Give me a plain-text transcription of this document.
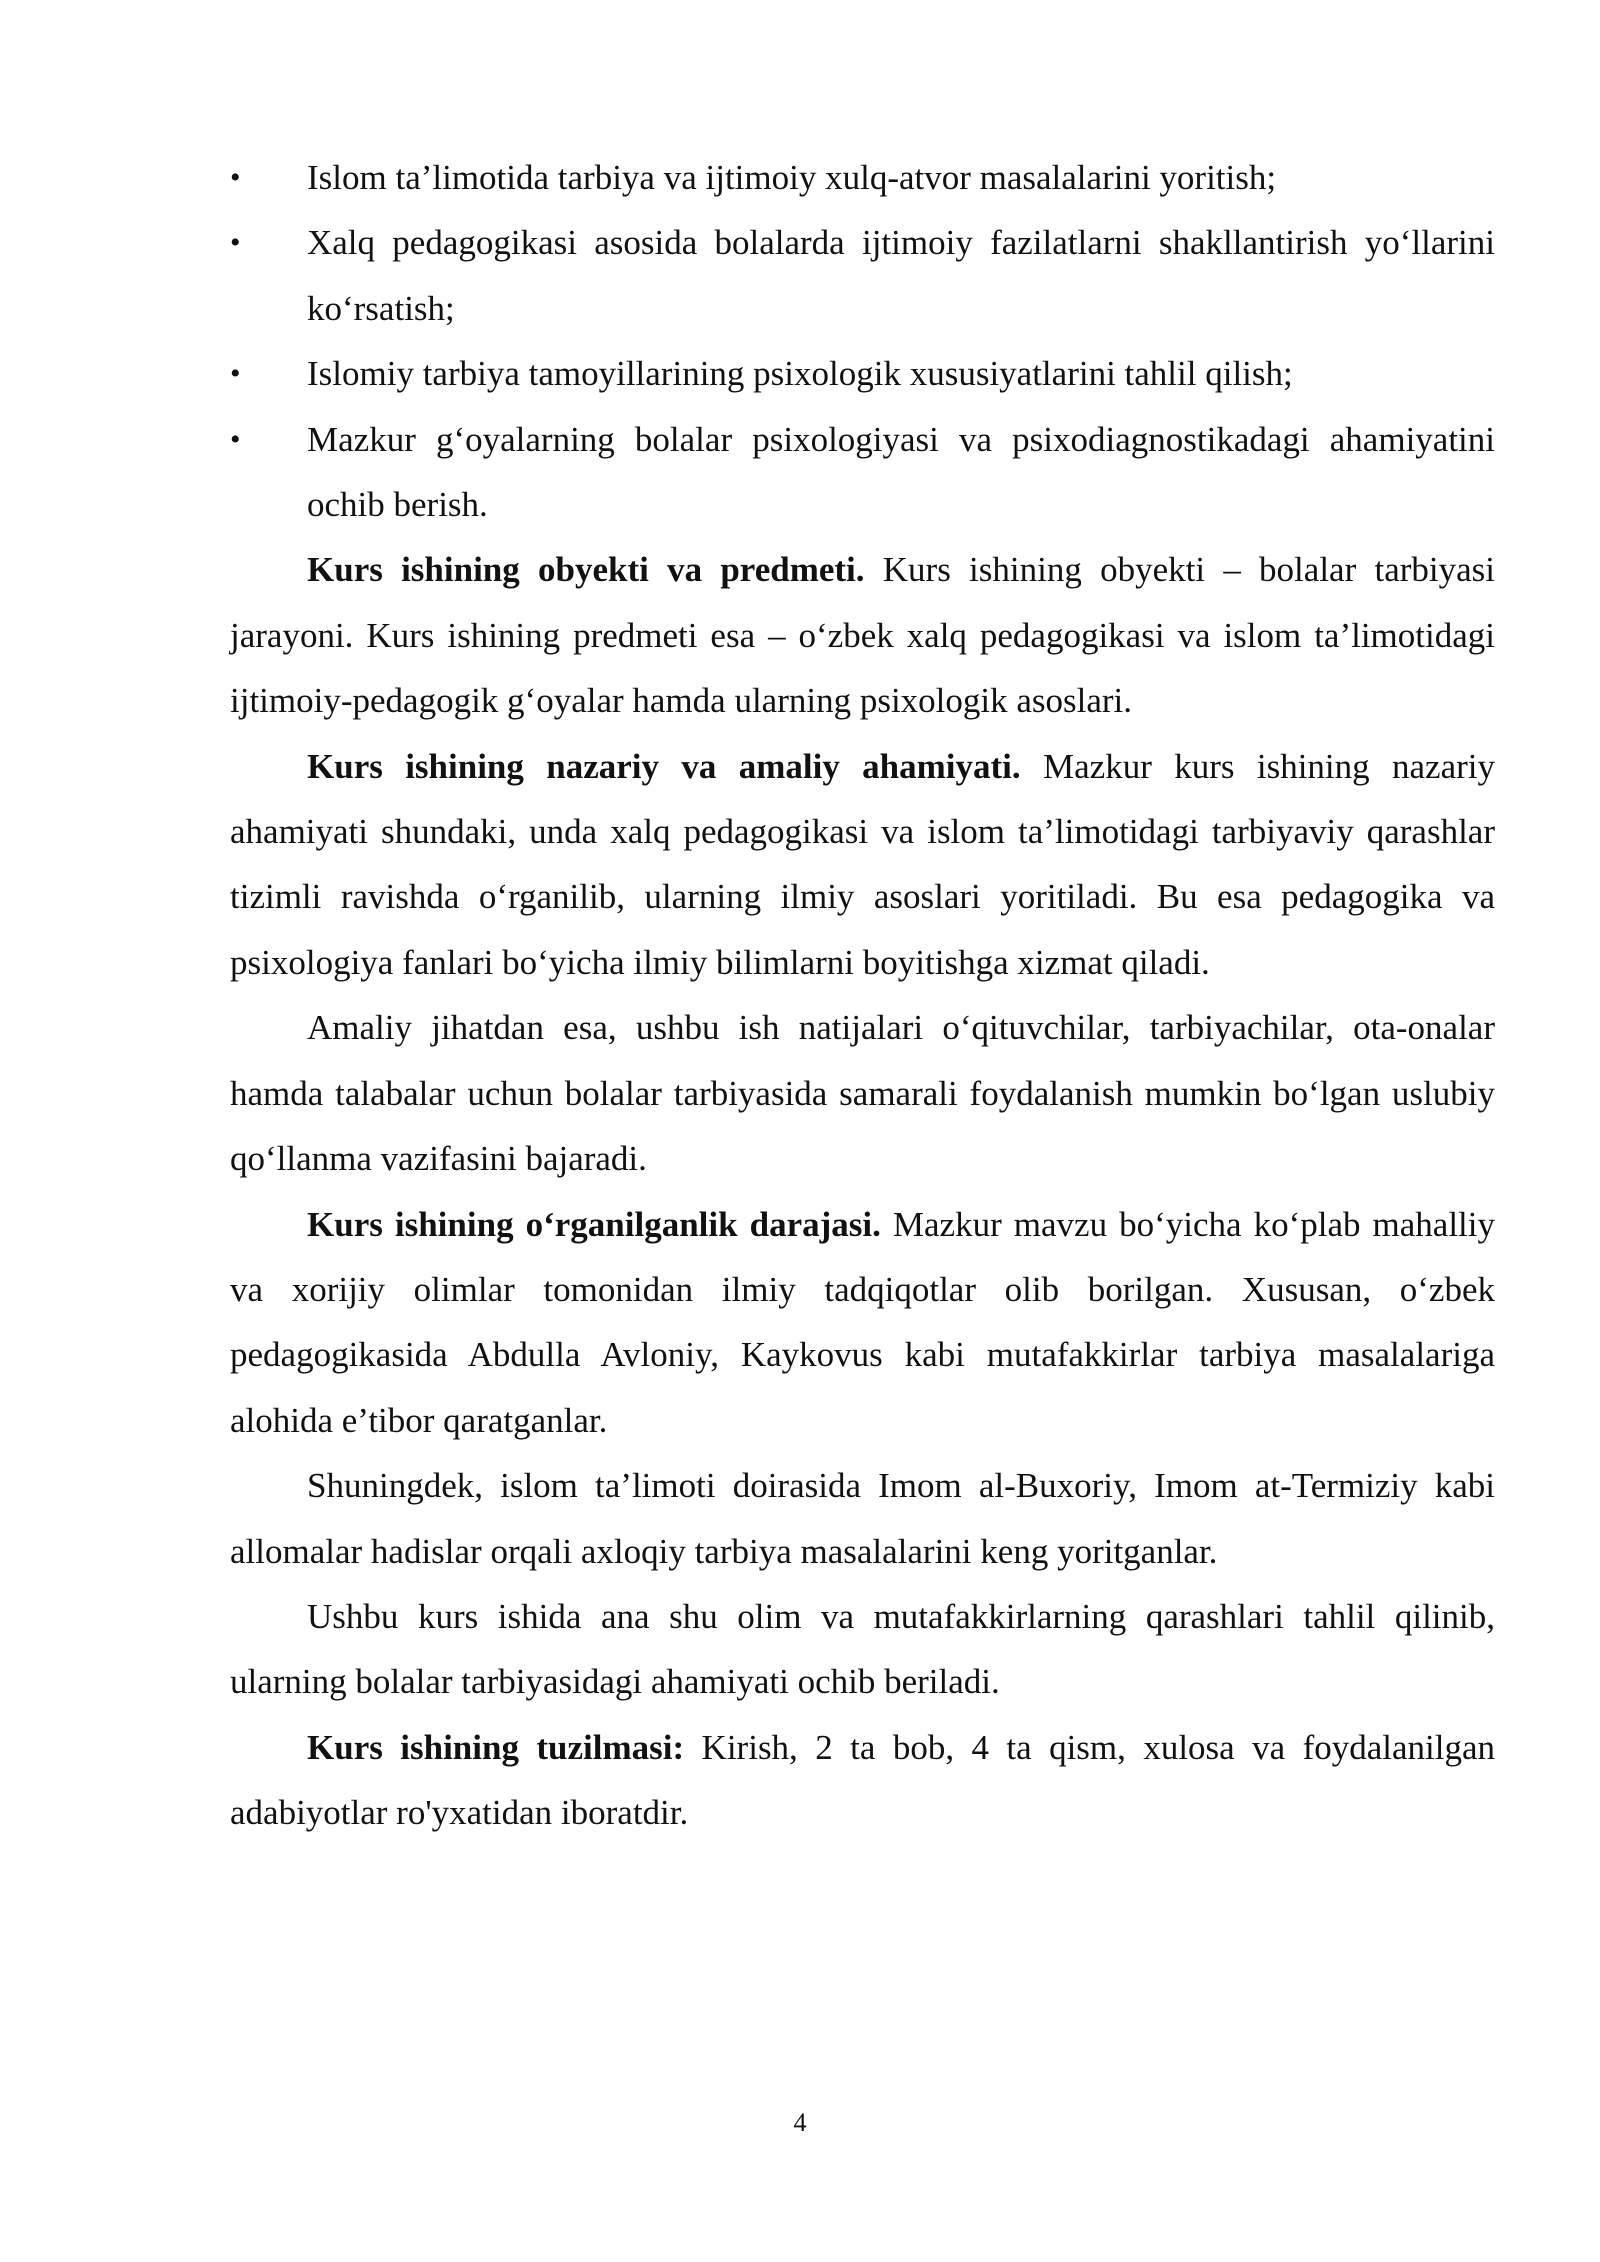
•	Islom ta’limotida tarbiya va ijtimoiy xulq-atvor masalalarini yoritish;
•	Xalq pedagogikasi asosida bolalarda ijtimoiy fazilatlarni shakllantirish yo‘llarini ko‘rsatish;
•	Islomiy tarbiya tamoyillarining psixologik xususiyatlarini tahlil qilish;
•	Mazkur g‘oyalarning bolalar psixologiyasi va psixodiagnostikadagi ahamiyatini ochib berish.

Kurs ishining obyekti va predmeti. Kurs ishining obyekti – bolalar tarbiyasi jarayoni. Kurs ishining predmeti esa – o‘zbek xalq pedagogikasi va islom ta’limotidagi ijtimoiy-pedagogik g‘oyalar hamda ularning psixologik asoslari.

Kurs ishining nazariy va amaliy ahamiyati. Mazkur kurs ishining nazariy ahamiyati shundaki, unda xalq pedagogikasi va islom ta’limotidagi tarbiyaviy qarashlar tizimli ravishda o‘rganilib, ularning ilmiy asoslari yoritiladi. Bu esa pedagogika va psixologiya fanlari bo‘yicha ilmiy bilimlarni boyitishga xizmat qiladi.

Amaliy jihatdan esa, ushbu ish natijalari o‘qituvchilar, tarbiyachilar, ota-onalar hamda talabalar uchun bolalar tarbiyasida samarali foydalanish mumkin bo‘lgan uslubiy qo‘llanma vazifasini bajaradi.

Kurs ishining o‘rganilganlik darajasi. Mazkur mavzu bo‘yicha ko‘plab mahalliy va xorijiy olimlar tomonidan ilmiy tadqiqotlar olib borilgan. Xususan, o‘zbek pedagogikasida Abdulla Avloniy, Kaykovus kabi mutafakkirlar tarbiya masalalariga alohida e’tibor qaratganlar.

Shuningdek, islom ta’limoti doirasida Imom al-Buxoriy, Imom at-Termiziy kabi allomalar hadislar orqali axloqiy tarbiya masalalarini keng yoritganlar.

Ushbu kurs ishida ana shu olim va mutafakkirlarning qarashlari tahlil qilinib, ularning bolalar tarbiyasidagi ahamiyati ochib beriladi.

Kurs ishining tuzilmasi: Kirish, 2 ta bob, 4 ta qism, xulosa va foydalanilgan adabiyotlar ro'yxatidan iboratdir.

4
